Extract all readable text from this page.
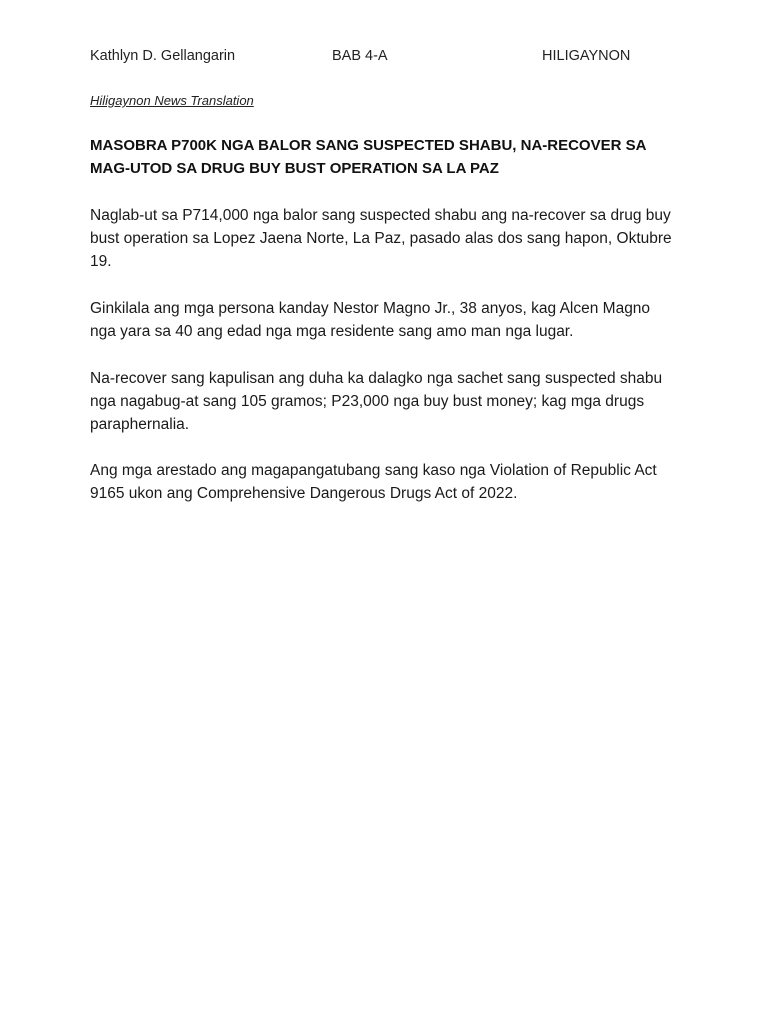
Kathlyn D. Gellangarin	BAB 4-A	HILIGAYNON
Hiligaynon News Translation
MASOBRA P700K NGA BALOR SANG SUSPECTED SHABU, NA-RECOVER SA MAG-UTOD SA DRUG BUY BUST OPERATION SA LA PAZ

Naglab-ut sa P714,000 nga balor sang suspected shabu ang na-recover sa drug buy bust operation sa Lopez Jaena Norte, La Paz, pasado alas dos sang hapon, Oktubre 19.

Ginkilala ang mga persona kanday Nestor Magno Jr., 38 anyos, kag Alcen Magno nga yara sa 40 ang edad nga mga residente sang amo man nga lugar.

Na-recover sang kapulisan ang duha ka dalagko nga sachet sang suspected shabu nga nagabug-at sang 105 gramos; P23,000 nga buy bust money; kag mga drugs paraphernalia.

Ang mga arestado ang magapangatubang sang kaso nga Violation of Republic Act 9165 ukon ang Comprehensive Dangerous Drugs Act of 2022.
